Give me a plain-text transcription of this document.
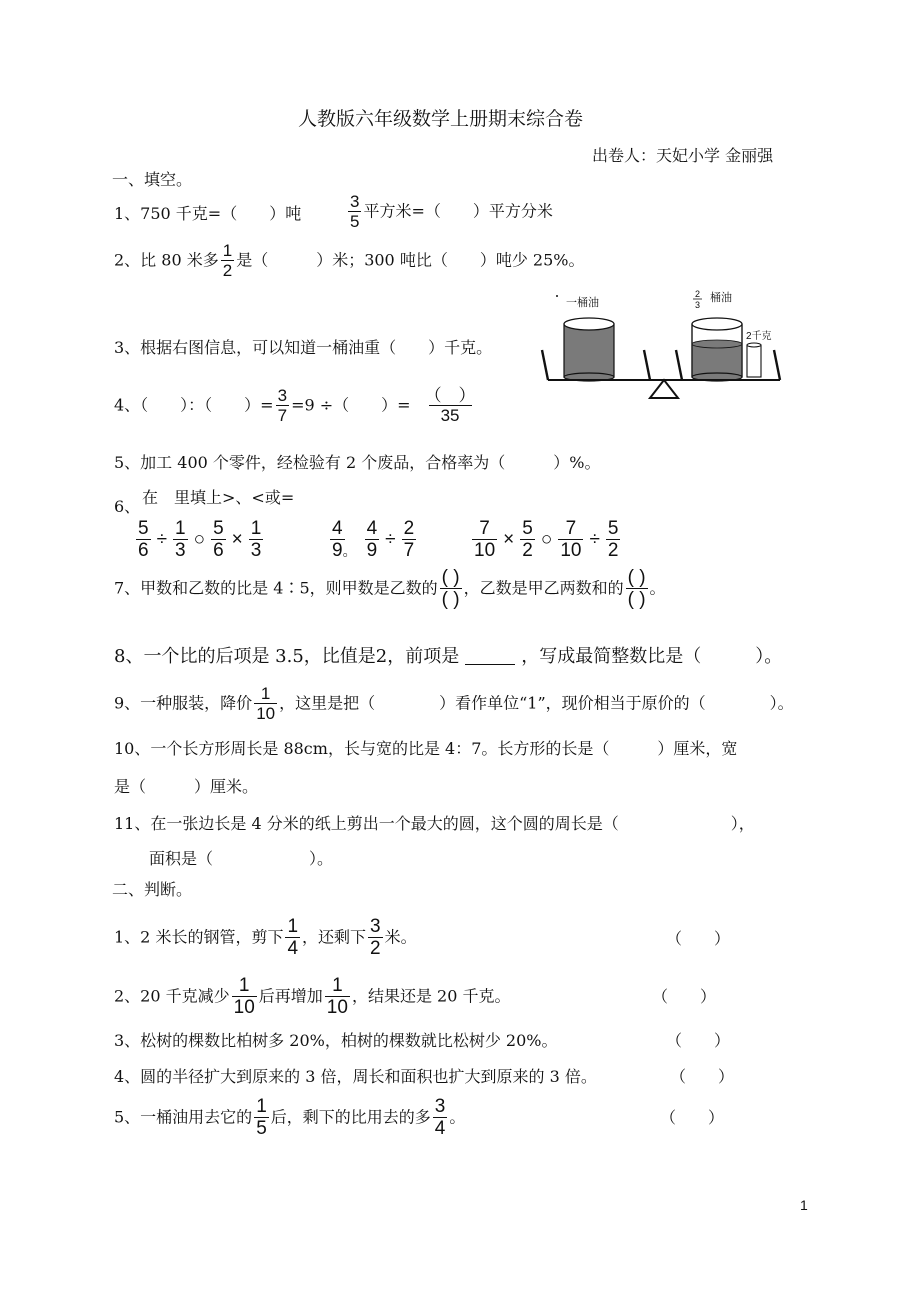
人教版六年级数学上册期末综合卷
出卷人：天妃小学 金丽强
一、填空。
1、750 千克=（　　）吨	$\frac{3}{5}$ 平方米=（　　）平方分米
2、比 80 米多 $\frac{1}{2}$ 是（　　　）米；300 吨比（　　）吨少 25%。
一桶油
2
3
桶油
2千克
3、根据右图信息，可以知道一桶油重（　　）千克。
4、（　　）：（　　）= $\frac{3}{7} =9$ ÷（　　）= $\frac{( )}{35}$
5、加工 400 个零件，经检验有 2 个废品，合格率为（　　　）%。
6、 在　里填上>、<或=
$\frac{5}{6} \div \frac{1}{3}$ ○ $\frac{5}{6} \times \frac{1}{3}$	$\frac{4}{9}$
。 $\frac{4}{9} \div \frac{2}{7}$	$\frac{7}{10} \times \frac{5}{2}$ ○ $\frac{7}{10} \div \frac{5}{2}$
7、甲数和乙数的比是 4∶5，则甲数是乙数的 $\frac{( )}{( )}$ ，乙数是甲乙两数和的 $\frac{( )}{( )}$ 。
8、一个比的后项是 3.5，比值是2，前项是	，写成最简整数比是（　　　）。
9、一种服装，降价 $\frac{1}{10}$ ，这里是把（　　　　）看作单位“1”，现价相当于原价的（　　　　）。
10、一个长方形周长是 88cm，长与宽的比是 4：7。长方形的长是（　　　）厘米，宽
是（　　　）厘米。
11、在一张边长是 4 分米的纸上剪出一个最大的圆，这个圆的周长是（　　　　　　　），
面积是（　　　　　　）。
二、判断。
1、2 米长的钢管，剪下 $\frac{1}{4}$ ，还剩下 $\frac{3}{2}$ 米。	（　　）
2、20 千克减少 $\frac{1}{10}$ 后再增加 $\frac{1}{10}$ ，结果还是 20 千克。	（　　）
3、松树的棵数比柏树多 20%，柏树的棵数就比松树少 20%。	（　　）
4、圆的半径扩大到原来的 3 倍，周长和面积也扩大到原来的 3 倍。	（　　）
5、一桶油用去它的 $\frac{1}{5}$ 后，剩下的比用去的多 $\frac{3}{4}$ 。	（　　）
1
